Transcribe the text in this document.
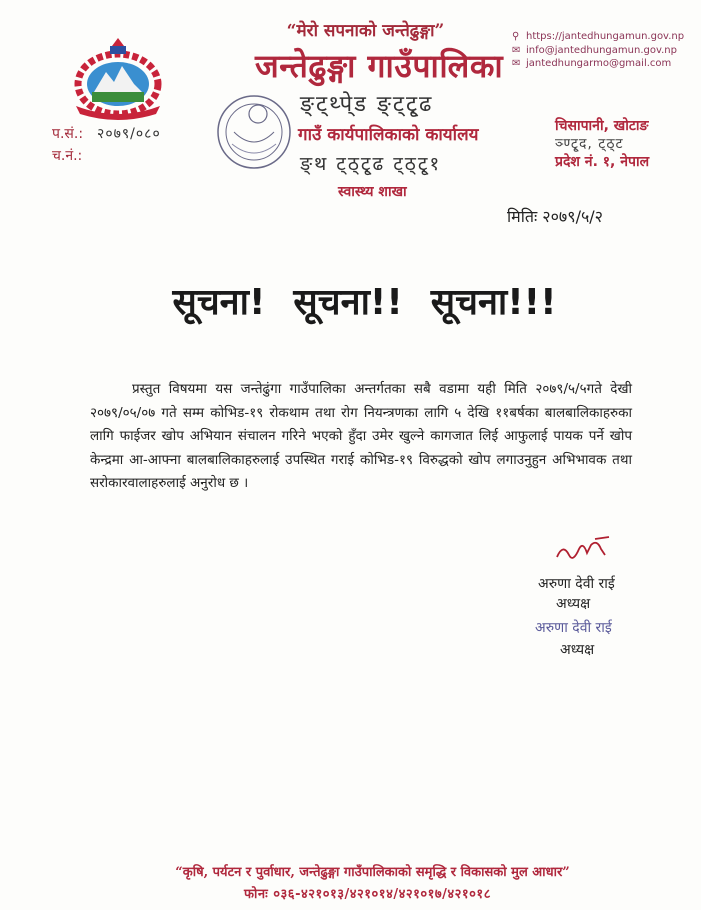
“मेरो सपनाको जन्तेढुङ्गा”
जन्तेढुङ्गा गाउँपालिका
ङ्ट्थ्पे्ड ङ्ट्टृ्ढ
गाउँ कार्यपालिकाको कार्यालय
ङ्थ ट्ठ्टृ्ढ ट्ठ्टृ्१
स्वास्थ्य शाखा
⚲ https://jantedhungamun.gov.np
✉ info@jantedhungamun.gov.np
✉ jantedhungarmo@gmail.com
चिसापानी, खोटाङ
ञ्ण्टृ्द, ट्ठ्ट
प्रदेश नं. १, नेपाल
प.सं.: २०७९/०८०
च.नं.:
मितिः २०७९/५/२
सूचना! सूचना!! सूचना!!!
प्रस्तुत विषयमा यस जन्तेढुंगा गाउँपालिका अन्तर्गतका सबै वडामा यही मिति २०७९/५/५गते देखी २०७९/०५/०७ गते सम्म कोभिड-१९ रोकथाम तथा रोग नियन्त्रणका लागि ५ देखि ११बर्षका बालबालिकाहरुका लागि फाईजर खोप अभियान संचालन गरिने भएको हुँदा उमेर खुल्ने कागजात लिई आफुलाई पायक पर्ने खोप केन्द्रमा आ-आफ्ना बालबालिकाहरुलाई उपस्थित गराई कोभिड-१९ विरुद्धको खोप लगाउनुहुन अभिभावक तथा सरोकारवालाहरुलाई अनुरोध छ ।
अरुणा देवी राई
अध्यक्ष
अरुणा देवी राई
अध्यक्ष
“कृषि, पर्यटन र पुर्वाधार, जन्तेढुङ्गा गाउँपालिकाको समृद्धि र विकासको मुल आधार”
फोनः ०३६-४२१०१३/४२१०१४/४२१०१७/४२१०१८
